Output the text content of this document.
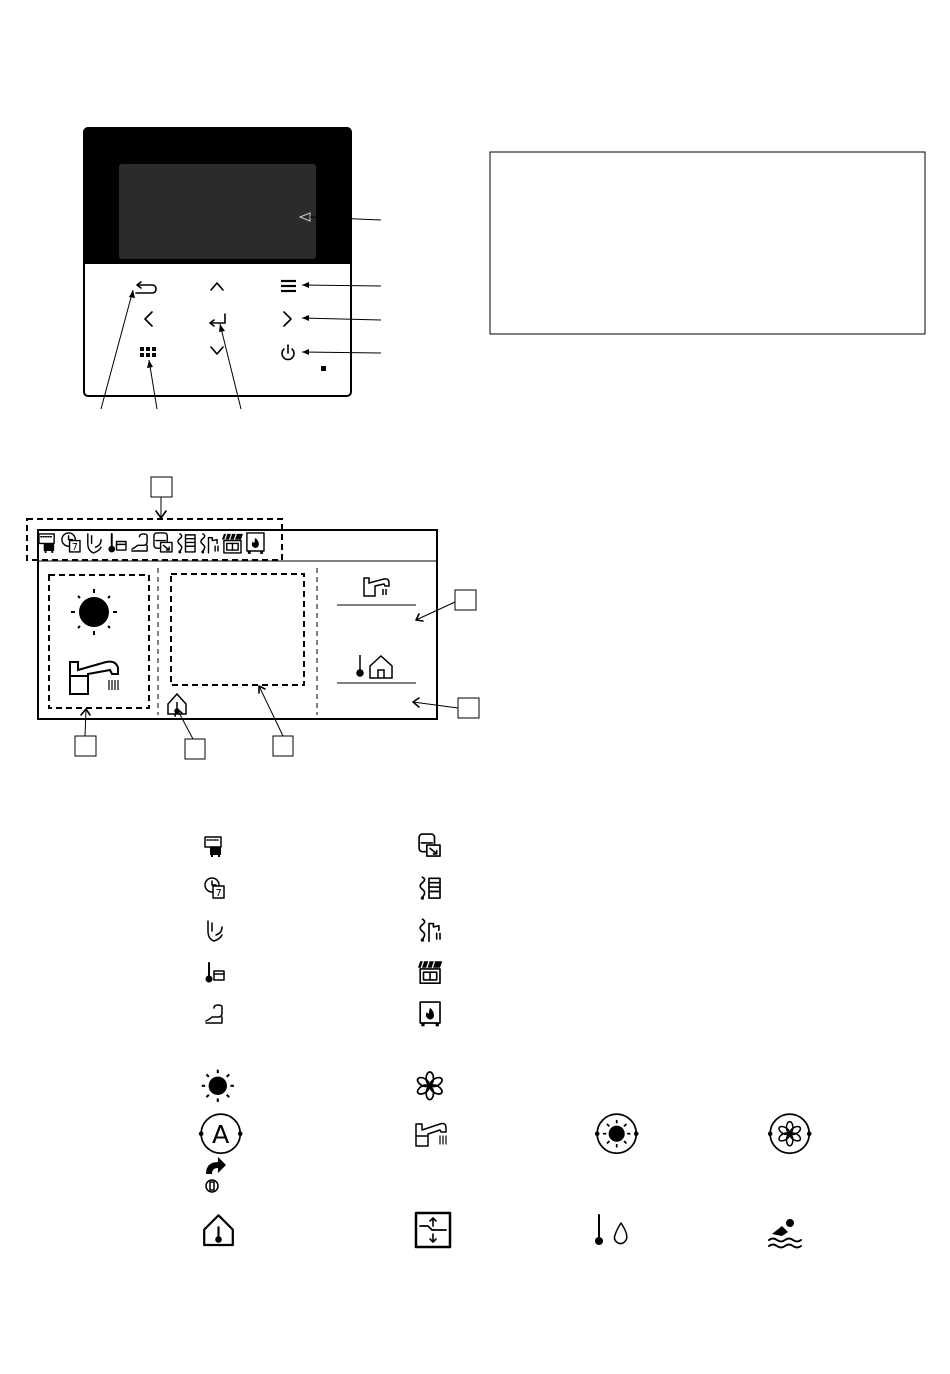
7
7
A
